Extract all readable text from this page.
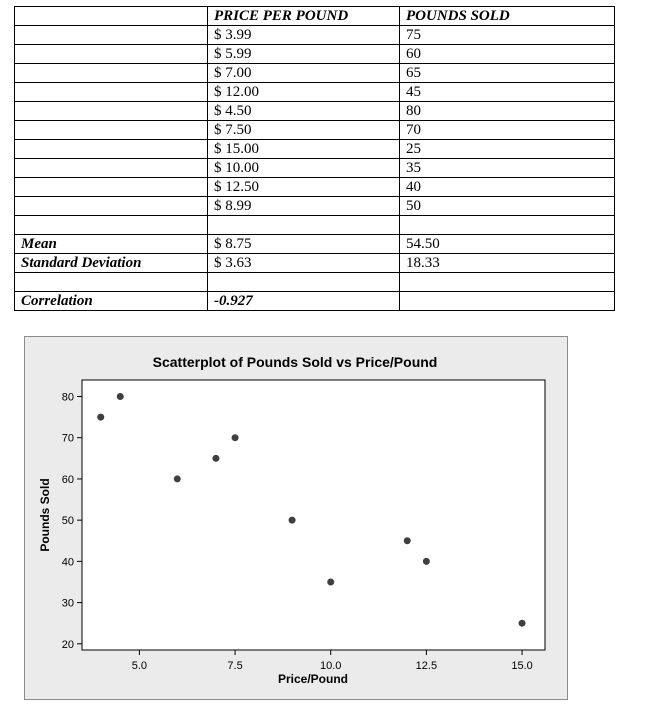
	PRICE PER POUND	POUNDS SOLD
	$ 3.99	75
	$ 5.99	60
	$ 7.00	65
	$ 12.00	45
	$ 4.50	80
	$ 7.50	70
	$ 15.00	25
	$ 10.00	35
	$ 12.50	40
	$ 8.99	50

Mean	$ 8.75	54.50
Standard Deviation	$ 3.63	18.33

Correlation	-0.927	
Scatterplot of Pounds Sold vs Price/Pound
5.0	7.5	10.0	12.5	15.0
20
30
40
50
60
70
80
Price/Pound
Pounds Sold
